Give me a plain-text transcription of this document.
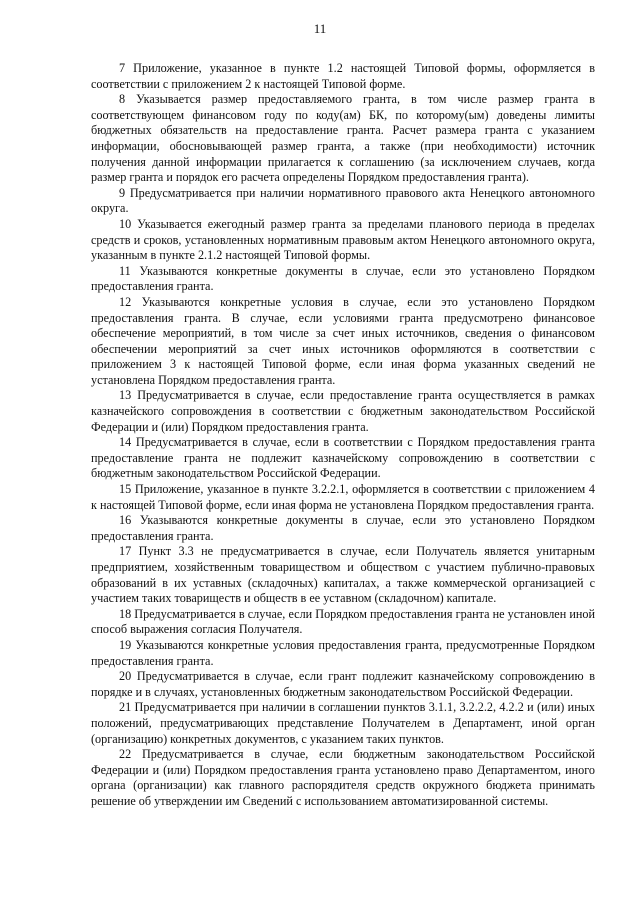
11

7 Приложение, указанное в пункте 1.2 настоящей Типовой формы, оформляется в соответствии с приложением 2 к настоящей Типовой форме.

8 Указывается размер предоставляемого гранта, в том числе размер гранта в соответствующем финансовом году по коду(ам) БК, по которому(ым) доведены лимиты бюджетных обязательств на предоставление гранта. Расчет размера гранта с указанием информации, обосновывающей размер гранта, а также (при необходимости) источник получения данной информации прилагается к соглашению (за исключением случаев, когда размер гранта и порядок его расчета определены Порядком предоставления гранта).

9 Предусматривается при наличии нормативного правового акта Ненецкого автономного округа.

10 Указывается ежегодный размер гранта за пределами планового периода в пределах средств и сроков, установленных нормативным правовым актом Ненецкого автономного округа, указанным в пункте 2.1.2 настоящей Типовой формы.

11 Указываются конкретные документы в случае, если это установлено Порядком предоставления гранта.

12 Указываются конкретные условия в случае, если это установлено Порядком предоставления гранта. В случае, если условиями гранта предусмотрено финансовое обеспечение мероприятий, в том числе за счет иных источников, сведения о финансовом обеспечении мероприятий за счет иных источников оформляются в соответствии с приложением 3 к настоящей Типовой форме, если иная форма указанных сведений не установлена Порядком предоставления гранта.

13 Предусматривается в случае, если предоставление гранта осуществляется в рамках казначейского сопровождения в соответствии с бюджетным законодательством Российской Федерации и (или) Порядком предоставления гранта.

14 Предусматривается в случае, если в соответствии с Порядком предоставления гранта предоставление гранта не подлежит казначейскому сопровождению в соответствии с бюджетным законодательством Российской Федерации.

15 Приложение, указанное в пункте 3.2.2.1, оформляется в соответствии с приложением 4 к настоящей Типовой форме, если иная форма не установлена Порядком предоставления гранта.

16 Указываются конкретные документы в случае, если это установлено Порядком предоставления гранта.

17 Пункт 3.3 не предусматривается в случае, если Получатель является унитарным предприятием, хозяйственным товариществом и обществом с участием публично-правовых образований в их уставных (складочных) капиталах, а также коммерческой организацией с участием таких товариществ и обществ в ее уставном (складочном) капитале.

18 Предусматривается в случае, если Порядком предоставления гранта не установлен иной способ выражения согласия Получателя.

19 Указываются конкретные условия предоставления гранта, предусмотренные Порядком предоставления гранта.

20 Предусматривается в случае, если грант подлежит казначейскому сопровождению в порядке и в случаях, установленных бюджетным законодательством Российской Федерации.

21 Предусматривается при наличии в соглашении пунктов 3.1.1, 3.2.2.2, 4.2.2 и (или) иных положений, предусматривающих представление Получателем в Департамент, иной орган (организацию) конкретных документов, с указанием таких пунктов.

22 Предусматривается в случае, если бюджетным законодательством Российской Федерации и (или) Порядком предоставления гранта установлено право Департаментом, иного органа (организации) как главного распорядителя средств окружного бюджета принимать решение об утверждении им Сведений с использованием автоматизированной системы.
